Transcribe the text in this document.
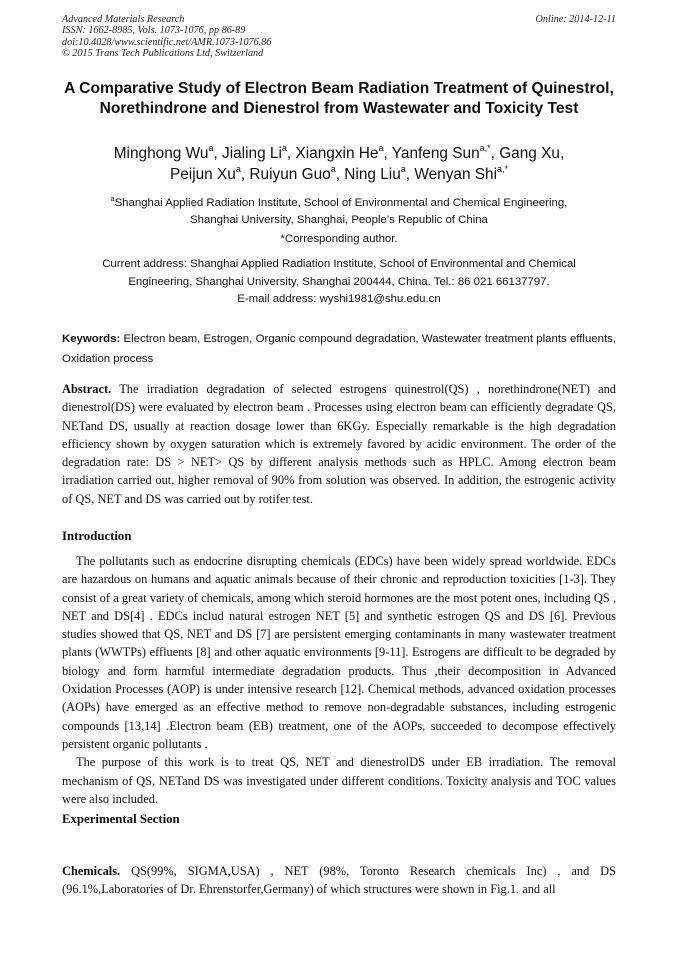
Advanced Materials Research
ISSN: 1662-8985, Vols. 1073-1076, pp 86-89
doi:10.4028/www.scientific.net/AMR.1073-1076.86
© 2015 Trans Tech Publications Ltd, Switzerland
Online: 2014-12-11
A Comparative Study of Electron Beam Radiation Treatment of Quinestrol, Norethindrone and Dienestrol from Wastewater and Toxicity Test
Minghong Wu$^a$, Jialing Li$^a$, Xiangxin He$^a$, Yanfeng Sun$^{a,*}$, Gang Xu,
Peijun Xu$^a$, Ruiyun Guo$^a$, Ning Liu$^a$, Wenyan Shi$^{a,*}$
$^a$Shanghai Applied Radiation Institute, School of Environmental and Chemical Engineering,
Shanghai University, Shanghai, People’s Republic of China
*Corresponding author.
Current address: Shanghai Applied Radiation Institute, School of Environmental and Chemical
Engineering, Shanghai University, Shanghai 200444, China. Tel.: 86 021 66137797.
E-mail address: wyshi1981@shu.edu.cn
Keywords: Electron beam, Estrogen, Organic compound degradation, Wastewater treatment plants effluents, Oxidation process
Abstract. The irradiation degradation of selected estrogens quinestrol(QS) , norethindrone(NET) and dienestrol(DS) were evaluated by electron beam . Processes using electron beam can efficiently degradate QS, NETand DS, usually at reaction dosage lower than 6KGy. Especially remarkable is the high degradation efficiency shown by oxygen saturation which is extremely favored by acidic environment. The order of the degradation rate: DS > NET> QS by different analysis methods such as HPLC. Among electron beam irradiation carried out, higher removal of 90% from solution was observed. In addition, the estrogenic activity of QS, NET and DS was carried out by rotifer test.
Introduction

The pollutants such as endocrine disrupting chemicals (EDCs) have been widely spread worldwide. EDCs are hazardous on humans and aquatic animals because of their chronic and reproduction toxicities [1-3]. They consist of a great variety of chemicals, among which steroid hormones are the most potent ones, including QS , NET and DS[4] . EDCs includ natural estrogen NET [5] and synthetic estrogen QS and DS [6]. Previous studies showed that QS, NET and DS [7] are persistent emerging contaminants in many wastewater treatment plants (WWTPs) effluents [8] and other aquatic environments [9-11]. Estrogens are difficult to be degraded by biology and form harmful intermediate degradation products. Thus ,their decomposition in Advanced Oxidation Processes (AOP) is under intensive research [12]. Chemical methods, advanced oxidation processes (AOPs) have emerged as an effective method to remove non-degradable substances, including estrogenic compounds [13,14] .Electron beam (EB) treatment, one of the AOPs, succeeded to decompose effectively persistent organic pollutants .

The purpose of this work is to treat QS, NET and dienestrolDS under EB irradiation. The removal mechanism of QS, NETand DS was investigated under different conditions. Toxicity analysis and TOC values were also included.

Experimental Section
Chemicals. QS(99%, SIGMA,USA) , NET (98%, Toronto Research chemicals Inc) , and DS (96.1%,Laboratories of Dr. Ehrenstorfer,Germany) of which structures were shown in Fig.1. and all
